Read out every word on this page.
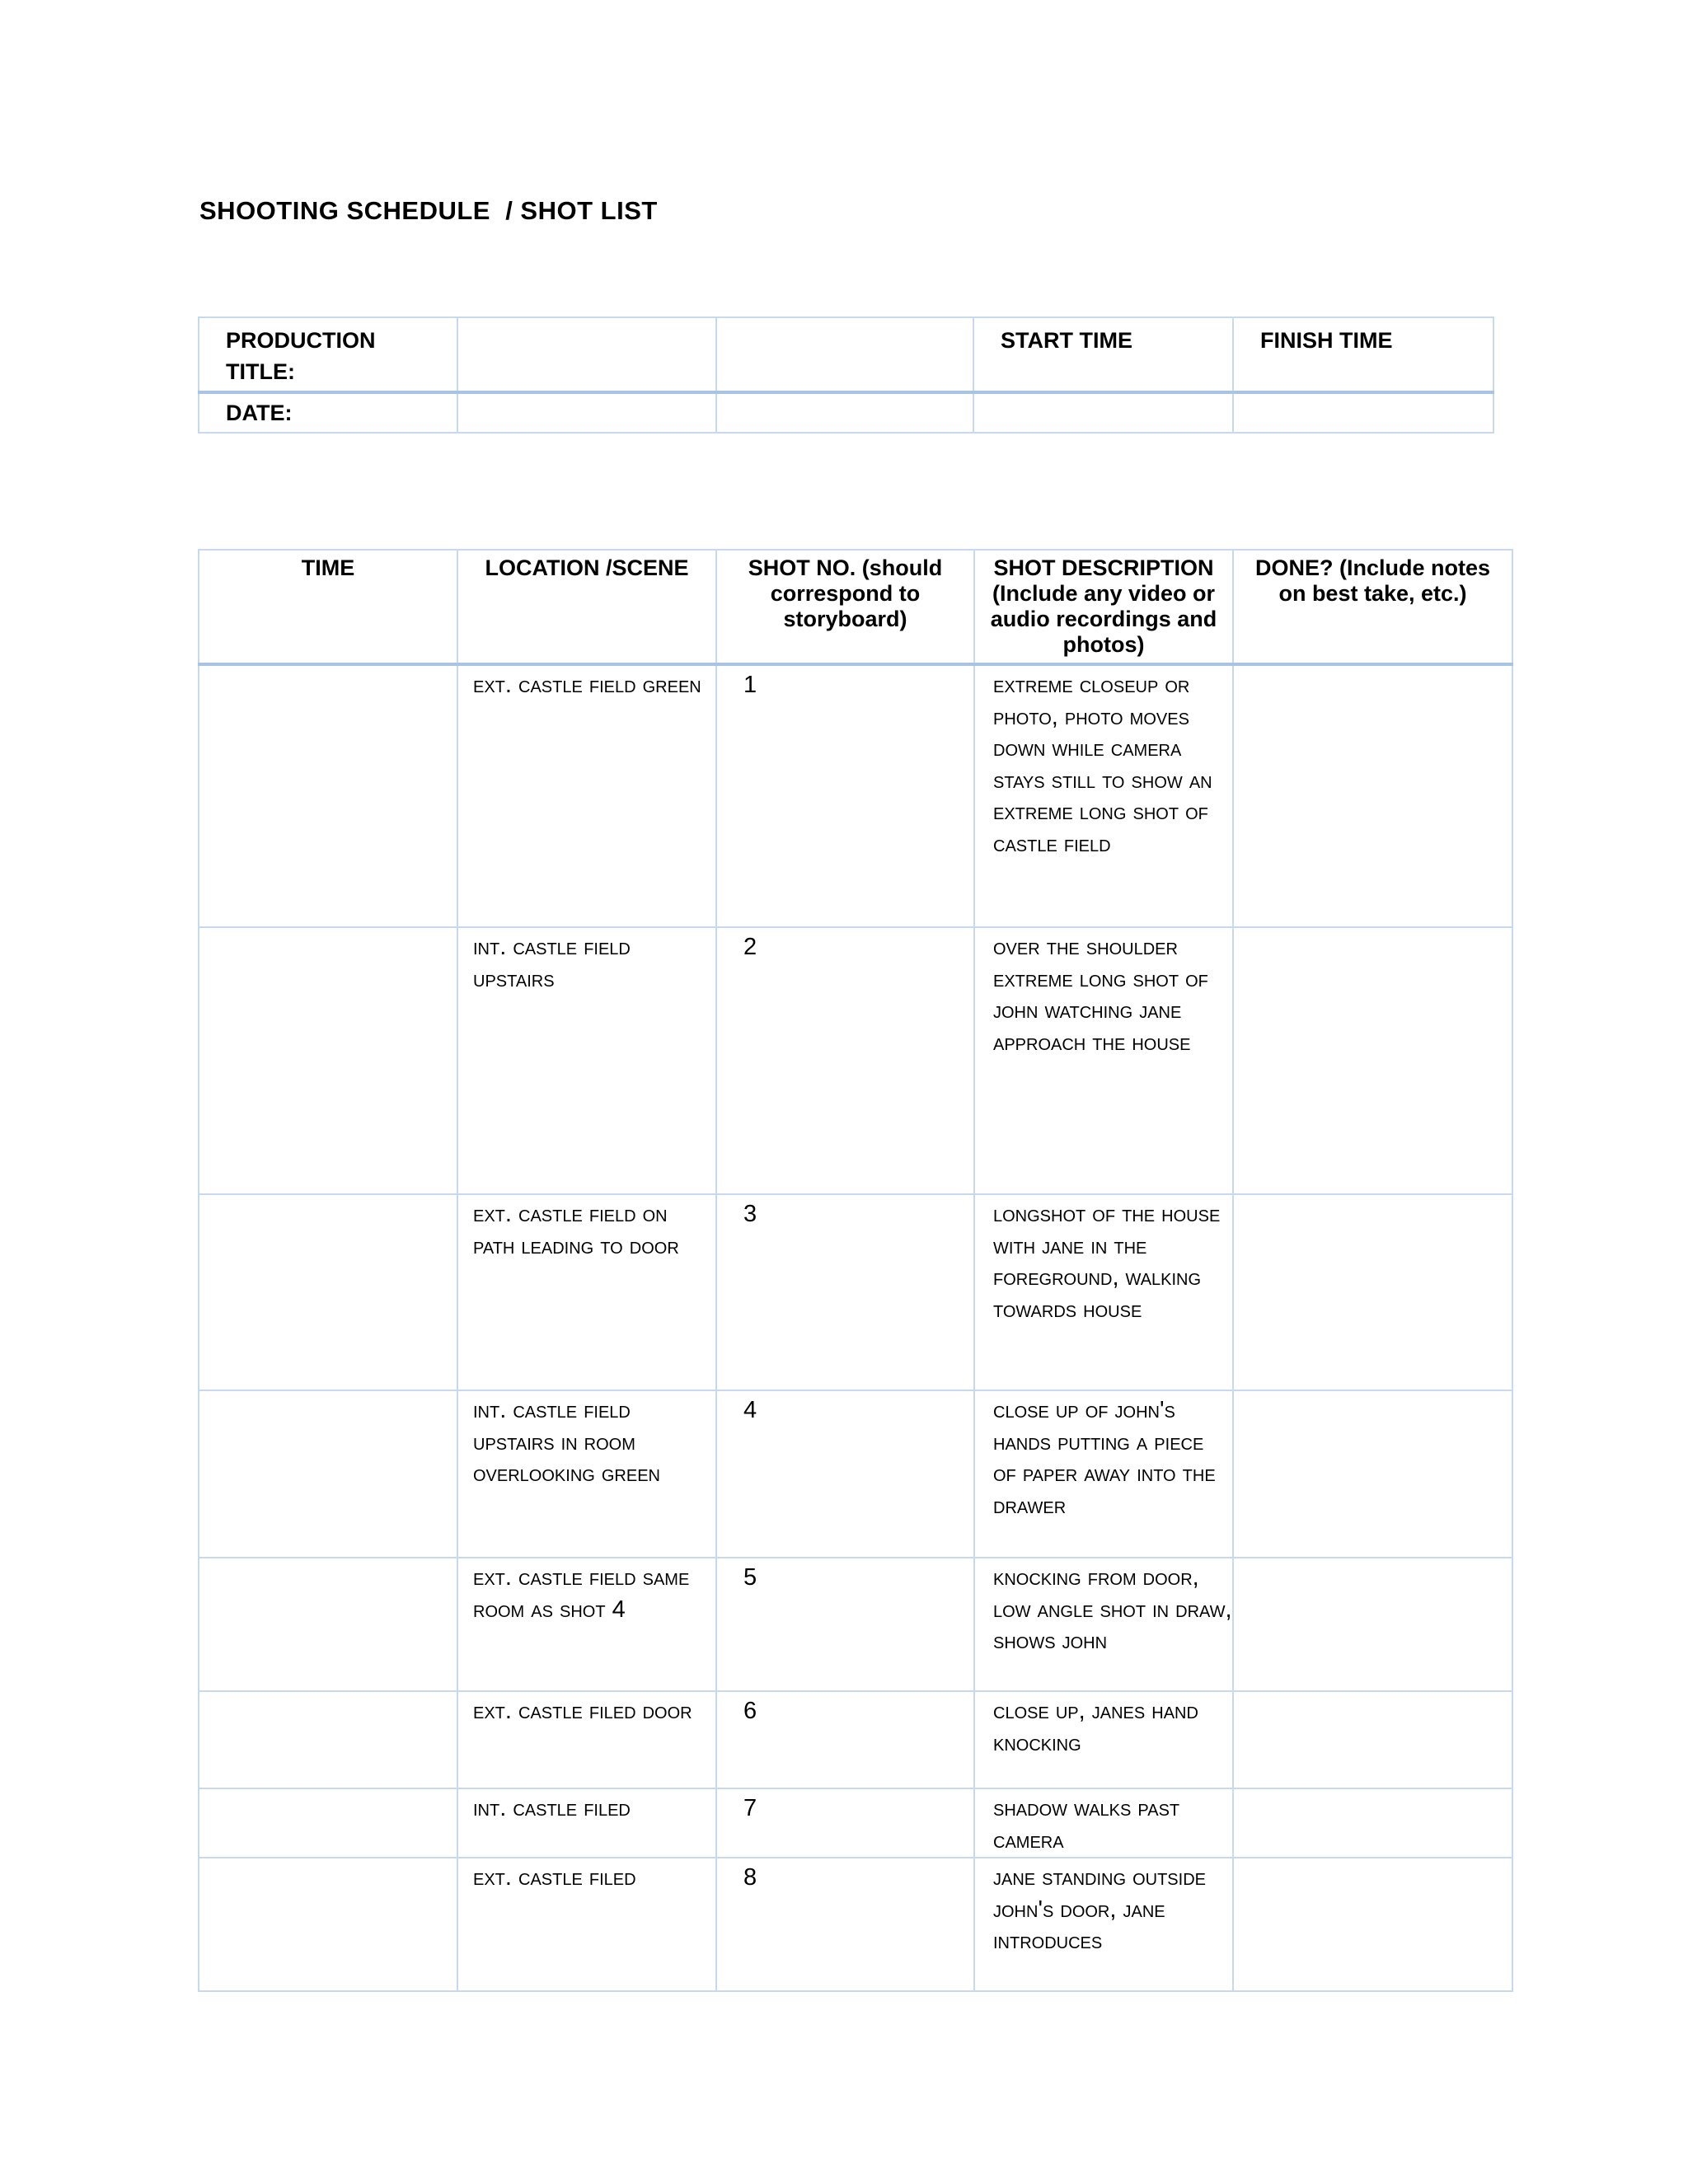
SHOOTING SCHEDULE  / SHOT LIST
PRODUCTION TITLE:			START TIME	FINISH TIME
DATE:				
TIME	LOCATION /SCENE	SHOT NO. (should correspond to storyboard)	SHOT DESCRIPTION (Include any video or audio recordings and photos)	DONE? (Include notes on best take, etc.)

	ext. castle field green	1	extreme closeup or photo, photo moves down while camera stays still to show an extreme long shot of castle field	
	int. castle field upstairs	2	over the shoulder extreme long shot of john watching jane approach the house	
	ext. castle field on path leading to door	3	longshot of the house with jane in the foreground, walking towards house	
	int. castle field upstairs in room overlooking green	4	close up of john's hands putting a piece of paper away into the drawer	
	ext. castle field same room as shot 4	5	knocking from door, low angle shot in draw, shows john	
	ext. castle filed door	6	close up, janes hand knocking	
	int. castle filed	7	shadow walks past camera	
	ext. castle filed	8	jane standing outside john's door, jane introduces	
